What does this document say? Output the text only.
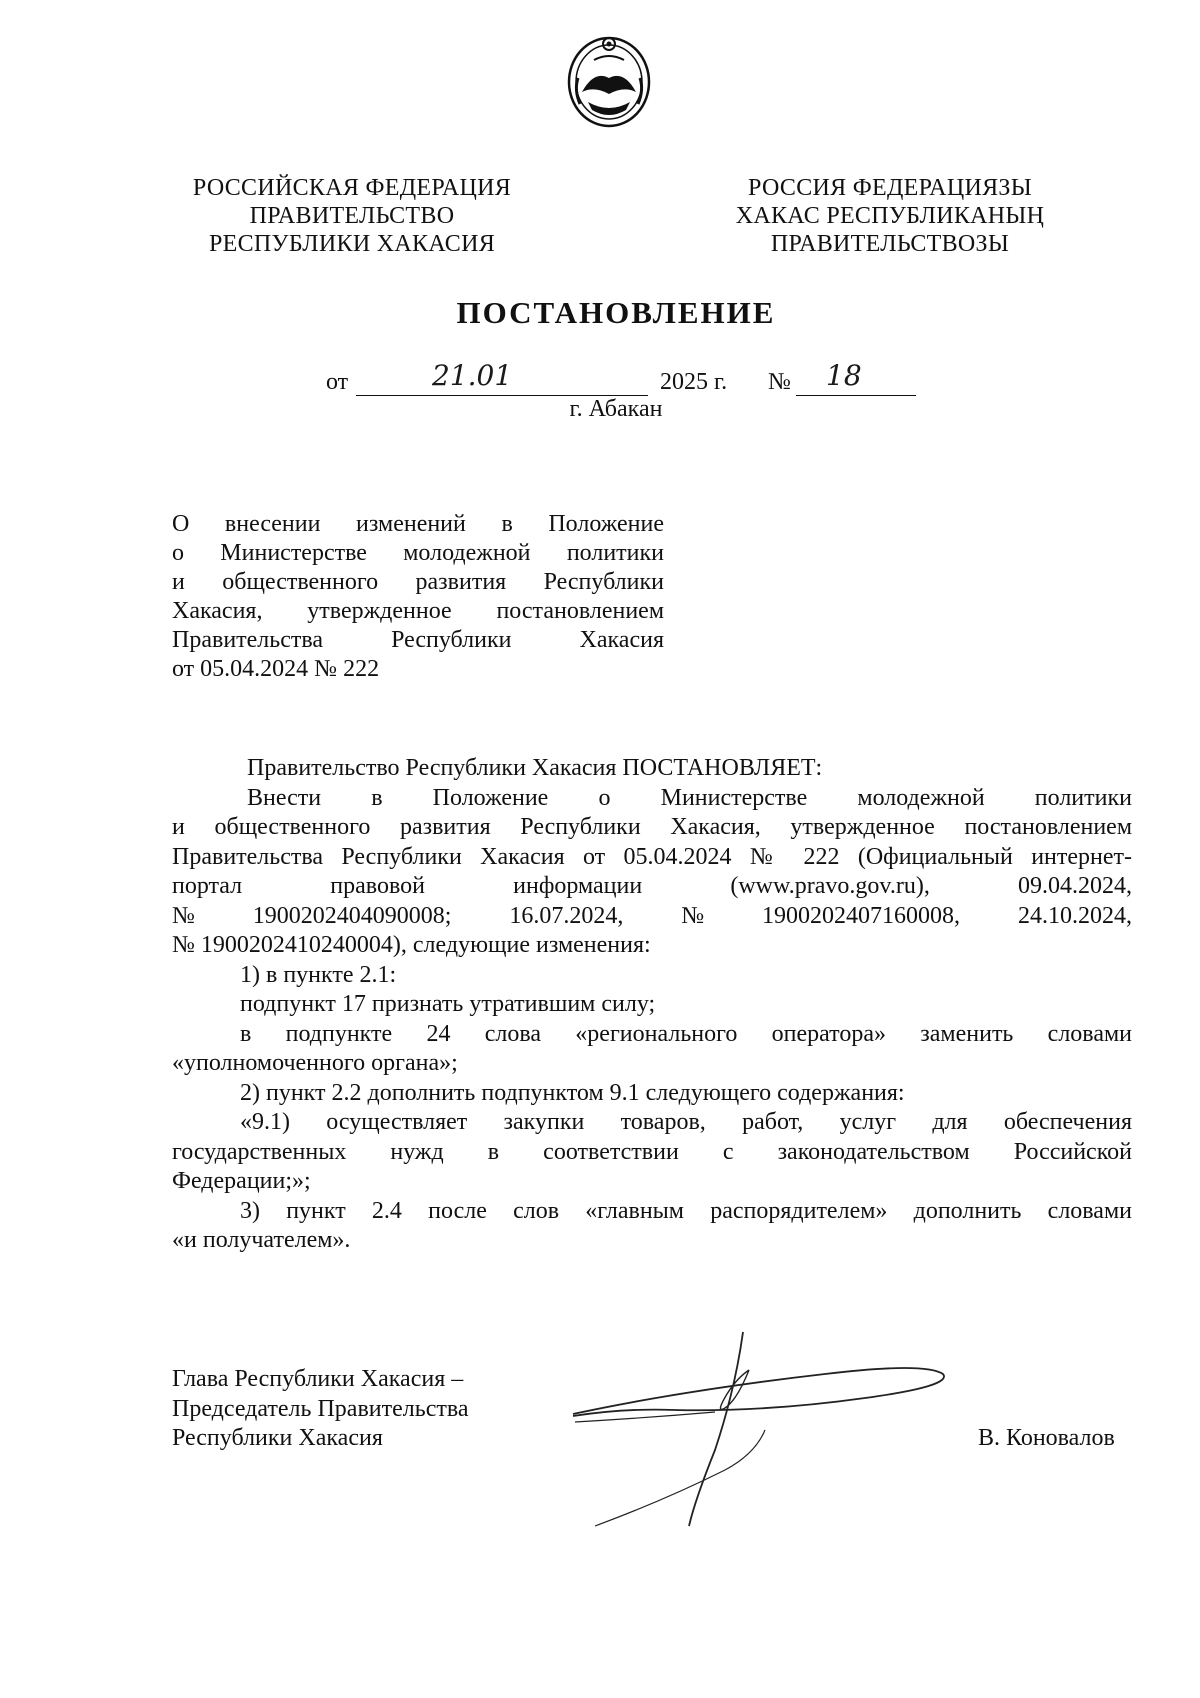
РОССИЙСКАЯ ФЕДЕРАЦИЯ
ПРАВИТЕЛЬСТВО
РЕСПУБЛИКИ ХАКАСИЯ
РОССИЯ ФЕДЕРАЦИЯЗЫ
ХАКАС РЕСПУБЛИКАНЫҢ
ПРАВИТЕЛЬСТВОЗЫ
ПОСТАНОВЛЕНИЕ
от	21.01	2025 г. № 18
г. Абакан
О внесении изменений в Положение
о Министерстве молодежной политики
и общественного развития Республики
Хакасия, утвержденное постановлением
Правительства Республики Хакасия
от 05.04.2024 № 222

Правительство Республики Хакасия ПОСТАНОВЛЯЕТ:

Внести в Положение о Министерстве молодежной политики
и общественного развития Республики Хакасия, утвержденное постановлением
Правительства Республики Хакасия от 05.04.2024 № 222 (Официальный интернет-
портал	правовой	информации	(www.pravo.gov.ru),	09.04.2024,
№ 1900202404090008; 16.07.2024, № 1900202407160008, 24.10.2024,
№ 1900202410240004), следующие изменения:
1) в пункте 2.1:
подпункт 17 признать утратившим силу;
в подпункте 24 слова «регионального оператора» заменить словами
«уполномоченного органа»;
2) пункт 2.2 дополнить подпунктом 9.1 следующего содержания:
«9.1) осуществляет закупки товаров, работ, услуг для обеспечения
государственных нужд в соответствии с законодательством Российской
Федерации;»;
3) пункт 2.4 после слов «главным распорядителем» дополнить словами
«и получателем».
Глава Республики Хакасия –
Председатель Правительства
Республики Хакасия	В. Коновалов
